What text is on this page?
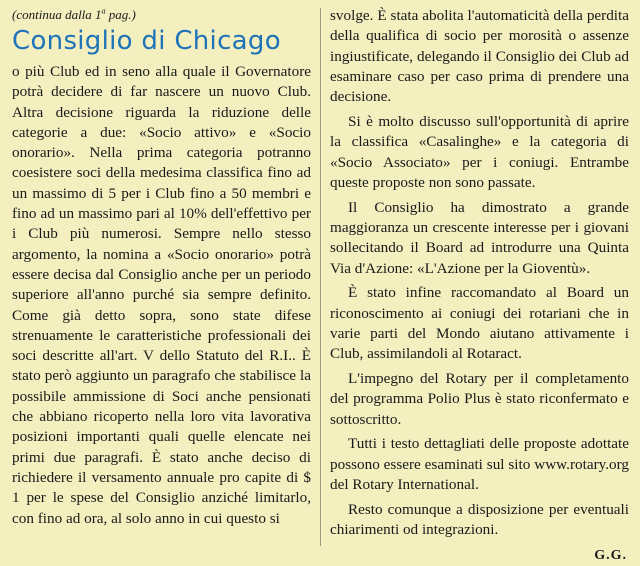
(continua dalla 1$^a$ pag.)
Consiglio di Chicago

o più Club ed in seno alla quale il Governatore potrà decidere di far nascere un nuovo Club. Altra decisione riguarda la riduzione delle categorie a due: «Socio attivo» e «Socio onorario». Nella prima categoria potranno coesistere soci della medesima classifica fino ad un massimo di 5 per i Club fino a 50 membri e fino ad un massimo pari al 10% dell'effettivo per i Club più numerosi. Sempre nello stesso argomento, la nomina a «Socio onorario» potrà essere decisa dal Consiglio anche per un periodo superiore all'anno purché sia sempre definito. Come già detto sopra, sono state difese strenuamente le caratteristiche professionali dei soci descritte all'art. V dello Statuto del R.I.. È stato però aggiunto un paragrafo che stabilisce la possibile ammissione di Soci anche pensionati che abbiano ricoperto nella loro vita lavorativa posizioni importanti quali quelle elencate nei primi due paragrafi. È stato anche deciso di richiedere il versamento annuale pro capite di $ 1 per le spese del Consiglio anziché limitarlo, con fino ad ora, al solo anno in cui questo si

svolge. È stata abolita l'automaticità della perdita della qualifica di socio per morosità o assenze ingiustificate, delegando il Consiglio dei Club ad esaminare caso per caso prima di prendere una decisione.

Si è molto discusso sull'opportunità di aprire la classifica «Casalinghe» e la categoria di «Socio Associato» per i coniugi. Entrambe queste proposte non sono passate.

Il Consiglio ha dimostrato a grande maggioranza un crescente interesse per i giovani sollecitando il Board ad introdurre una Quinta Via d'Azione: «L'Azione per la Gioventù».

È stato infine raccomandato al Board un riconoscimento ai coniugi dei rotariani che in varie parti del Mondo aiutano attivamente i Club, assimilandoli al Rotaract.

L'impegno del Rotary per il completamento del programma Polio Plus è stato riconfermato e sottoscritto.

Tutti i testo dettagliati delle proposte adottate possono essere esaminati sul sito www.rotary.org del Rotary International.

Resto comunque a disposizione per eventuali chiarimenti od integrazioni.

G.G.
